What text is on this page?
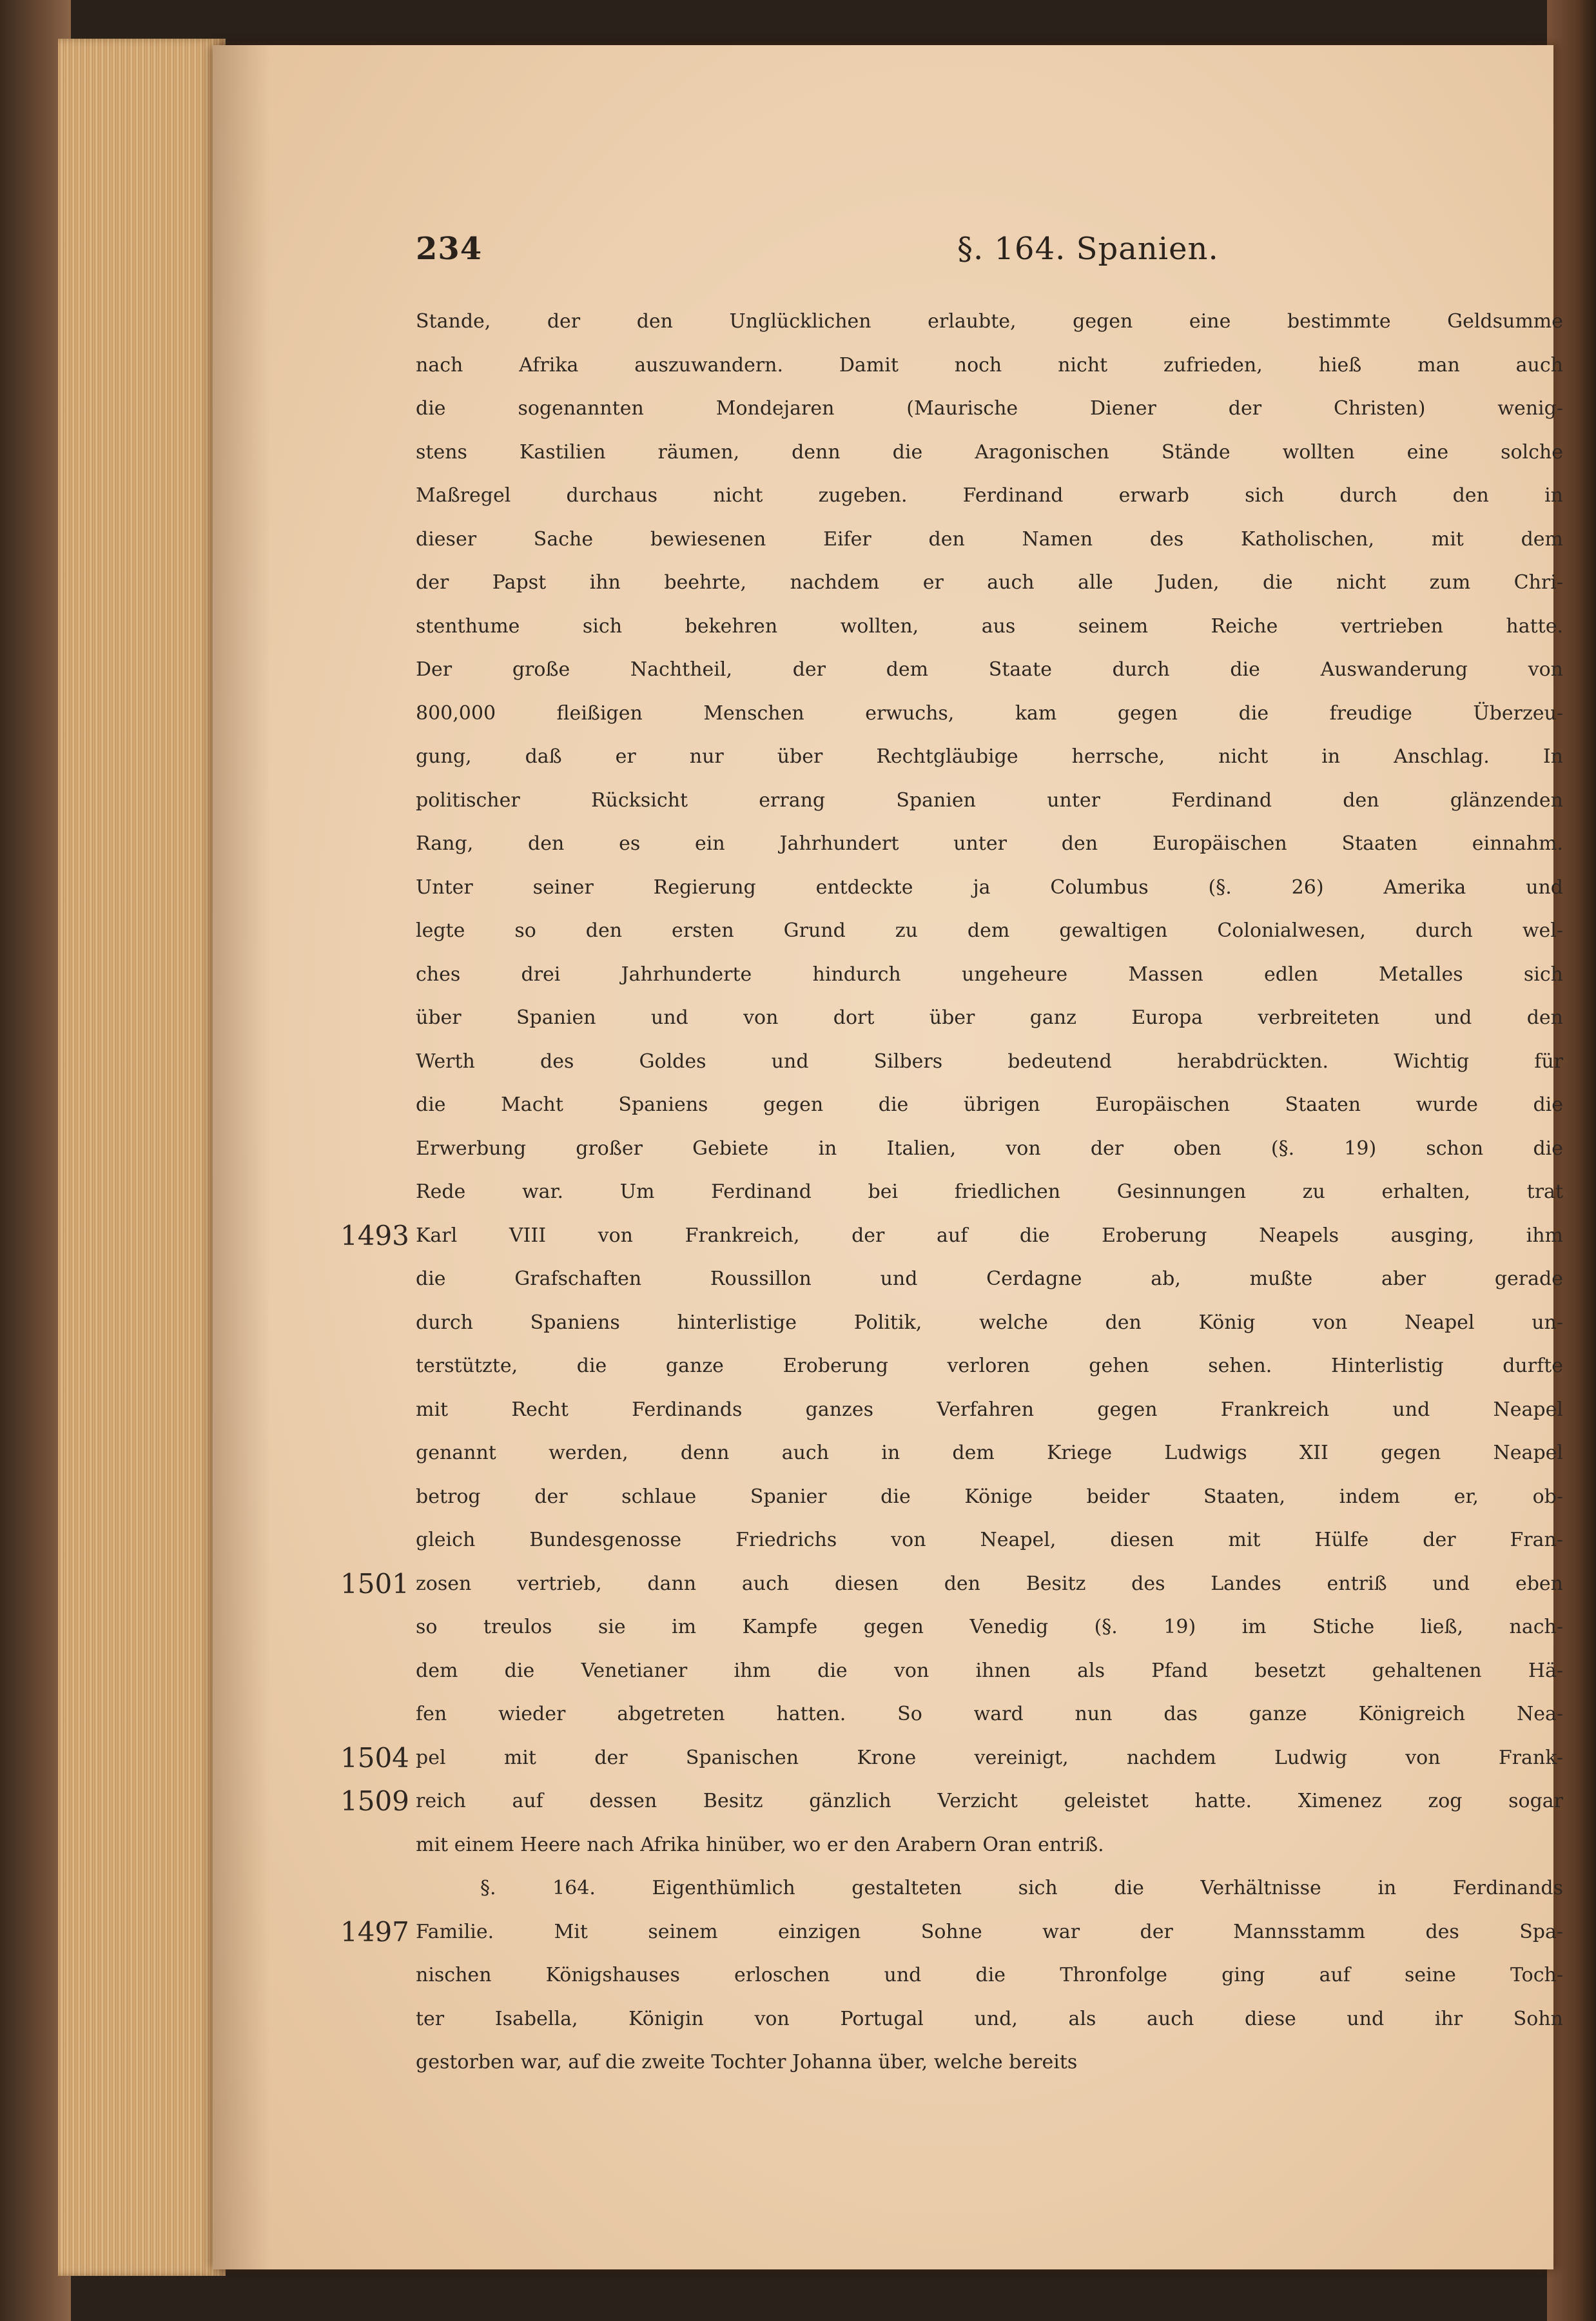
234	§. 164. Spanien.
1493
1501
1504
1509
1497
Stande, der den Unglücklichen erlaubte, gegen eine bestimmte Geldsumme
nach Afrika auszuwandern. Damit noch nicht zufrieden, hieß man auch
die sogenannten Mondejaren (Maurische Diener der Christen) wenig-
stens Kastilien räumen, denn die Aragonischen Stände wollten eine solche
Maßregel durchaus nicht zugeben. Ferdinand erwarb sich durch den in
dieser Sache bewiesenen Eifer den Namen des Katholischen, mit dem
der Papst ihn beehrte, nachdem er auch alle Juden, die nicht zum Chri-
stenthume sich bekehren wollten, aus seinem Reiche vertrieben hatte.
Der große Nachtheil, der dem Staate durch die Auswanderung von
800,000 fleißigen Menschen erwuchs, kam gegen die freudige Überzeu-
gung, daß er nur über Rechtgläubige herrsche, nicht in Anschlag. In
politischer Rücksicht errang Spanien unter Ferdinand den glänzenden
Rang, den es ein Jahrhundert unter den Europäischen Staaten einnahm.
Unter seiner Regierung entdeckte ja Columbus (§. 26) Amerika und
legte so den ersten Grund zu dem gewaltigen Colonialwesen, durch wel-
ches drei Jahrhunderte hindurch ungeheure Massen edlen Metalles sich
über Spanien und von dort über ganz Europa verbreiteten und den
Werth des Goldes und Silbers bedeutend herabdrückten. Wichtig für
die Macht Spaniens gegen die übrigen Europäischen Staaten wurde die
Erwerbung großer Gebiete in Italien, von der oben (§. 19) schon die
Rede war. Um Ferdinand bei friedlichen Gesinnungen zu erhalten, trat
Karl VIII von Frankreich, der auf die Eroberung Neapels ausging, ihm
die Grafschaften Roussillon und Cerdagne ab, mußte aber gerade
durch Spaniens hinterlistige Politik, welche den König von Neapel un-
terstützte, die ganze Eroberung verloren gehen sehen. Hinterlistig durfte
mit Recht Ferdinands ganzes Verfahren gegen Frankreich und Neapel
genannt werden, denn auch in dem Kriege Ludwigs XII gegen Neapel
betrog der schlaue Spanier die Könige beider Staaten, indem er, ob-
gleich Bundesgenosse Friedrichs von Neapel, diesen mit Hülfe der Fran-
zosen vertrieb, dann auch diesen den Besitz des Landes entriß und eben
so treulos sie im Kampfe gegen Venedig (§. 19) im Stiche ließ, nach-
dem die Venetianer ihm die von ihnen als Pfand besetzt gehaltenen Hä-
fen wieder abgetreten hatten. So ward nun das ganze Königreich Nea-
pel mit der Spanischen Krone vereinigt, nachdem Ludwig von Frank-
reich auf dessen Besitz gänzlich Verzicht geleistet hatte. Ximenez zog sogar
mit einem Heere nach Afrika hinüber, wo er den Arabern Oran entriß.
§. 164. Eigenthümlich gestalteten sich die Verhältnisse in Ferdinands
Familie. Mit seinem einzigen Sohne war der Mannsstamm des Spa-
nischen Königshauses erloschen und die Thronfolge ging auf seine Toch-
ter Isabella, Königin von Portugal und, als auch diese und ihr Sohn
gestorben war, auf die zweite Tochter Johanna über, welche bereits
